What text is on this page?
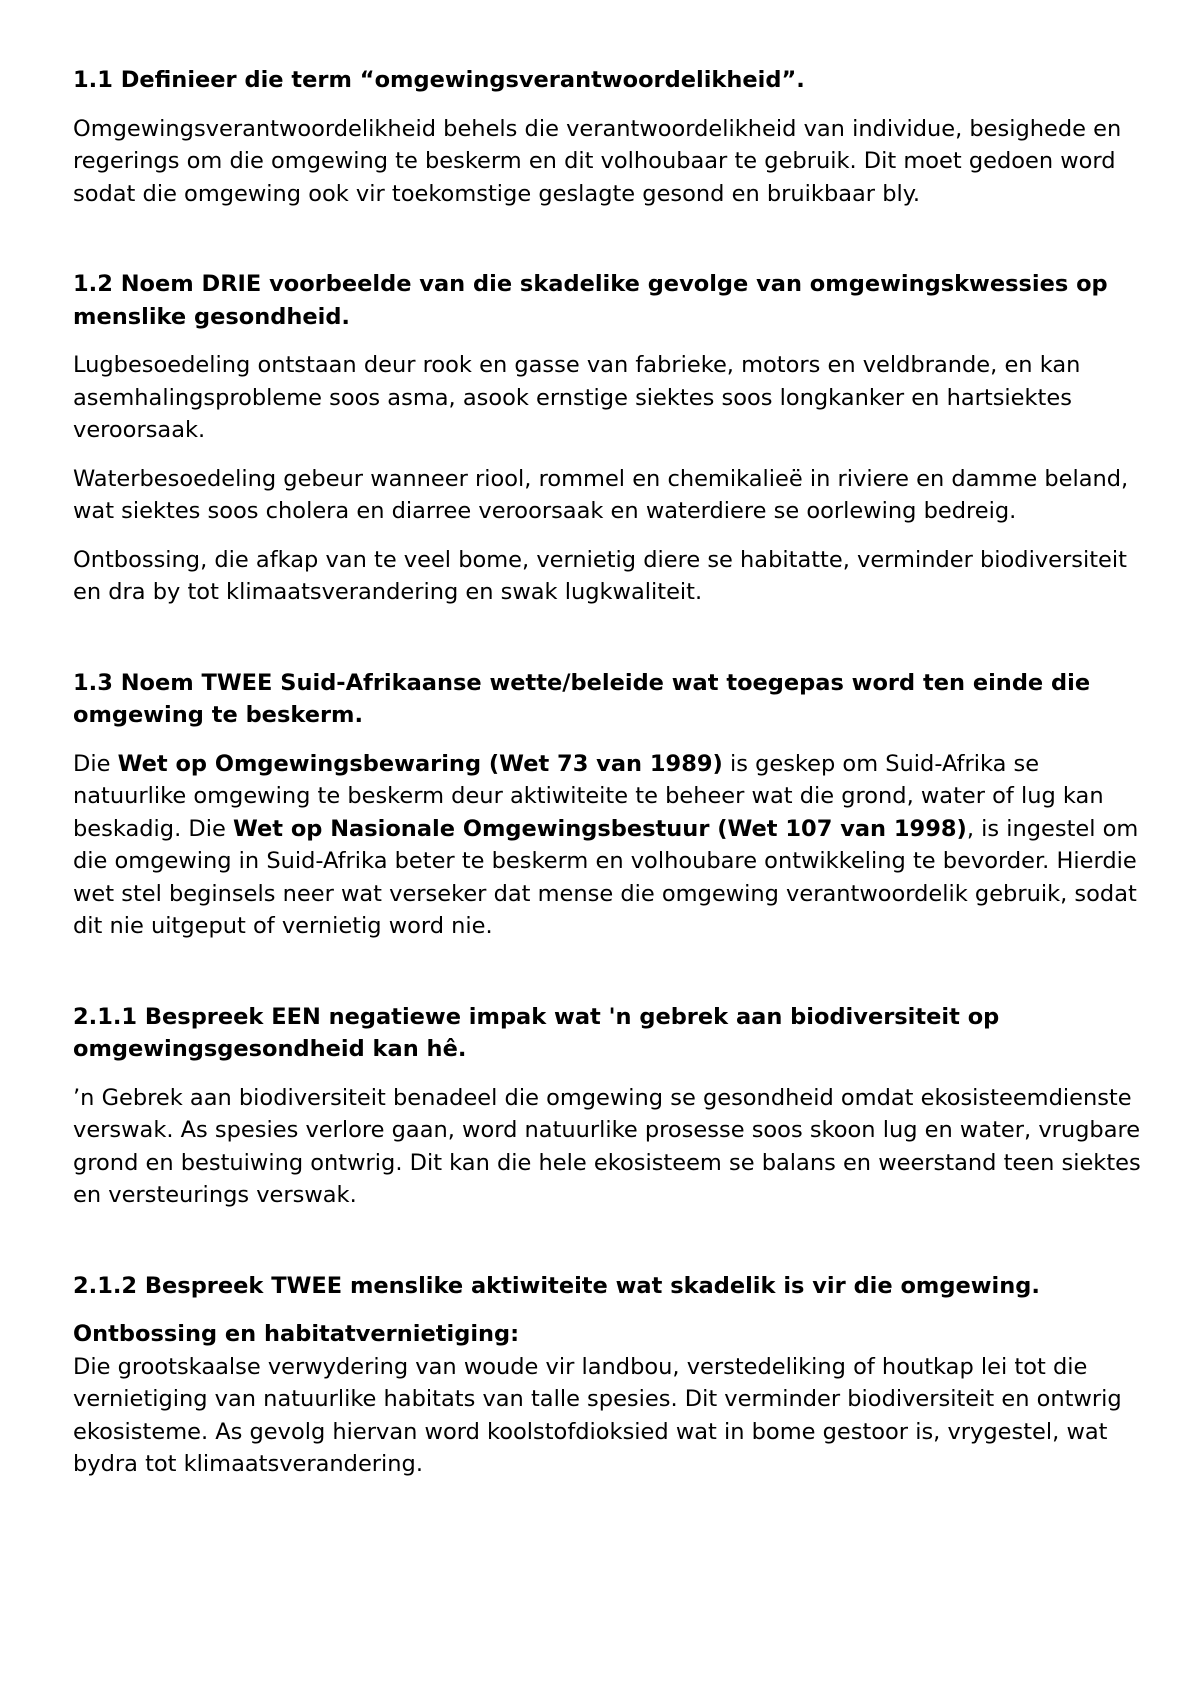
1.1 Definieer die term “omgewingsverantwoordelikheid”.
Omgewingsverantwoordelikheid behels die verantwoordelikheid van individue, besighede en regerings om die omgewing te beskerm en dit volhoubaar te gebruik. Dit moet gedoen word sodat die omgewing ook vir toekomstige geslagte gesond en bruikbaar bly.
1.2 Noem DRIE voorbeelde van die skadelike gevolge van omgewingskwessies op menslike gesondheid.
Lugbesoedeling ontstaan deur rook en gasse van fabrieke, motors en veldbrande, en kan asemhalingsprobleme soos asma, asook ernstige siektes soos longkanker en hartsiektes veroorsaak.
Waterbesoedeling gebeur wanneer riool, rommel en chemikalieë in riviere en damme beland, wat siektes soos cholera en diarree veroorsaak en waterdiere se oorlewing bedreig.
Ontbossing, die afkap van te veel bome, vernietig diere se habitatte, verminder biodiversiteit en dra by tot klimaatsverandering en swak lugkwaliteit.
1.3 Noem TWEE Suid-Afrikaanse wette/beleide wat toegepas word ten einde die omgewing te beskerm.
Die Wet op Omgewingsbewaring (Wet 73 van 1989) is geskep om Suid-Afrika se natuurlike omgewing te beskerm deur aktiwiteite te beheer wat die grond, water of lug kan beskadig. Die Wet op Nasionale Omgewingsbestuur (Wet 107 van 1998), is ingestel om die omgewing in Suid-Afrika beter te beskerm en volhoubare ontwikkeling te bevorder. Hierdie wet stel beginsels neer wat verseker dat mense die omgewing verantwoordelik gebruik, sodat dit nie uitgeput of vernietig word nie.
2.1.1 Bespreek EEN negatiewe impak wat 'n gebrek aan biodiversiteit op omgewingsgesondheid kan hê.
’n Gebrek aan biodiversiteit benadeel die omgewing se gesondheid omdat ekosisteemdienste verswak. As spesies verlore gaan, word natuurlike prosesse soos skoon lug en water, vrugbare grond en bestuiwing ontwrig. Dit kan die hele ekosisteem se balans en weerstand teen siektes en versteurings verswak.
2.1.2 Bespreek TWEE menslike aktiwiteite wat skadelik is vir die omgewing.
Ontbossing en habitatvernietiging:
Die grootskaalse verwydering van woude vir landbou, verstedeliking of houtkap lei tot die vernietiging van natuurlike habitats van talle spesies. Dit verminder biodiversiteit en ontwrig ekosisteme. As gevolg hiervan word koolstofdioksied wat in bome gestoor is, vrygestel, wat bydra tot klimaatsverandering.
